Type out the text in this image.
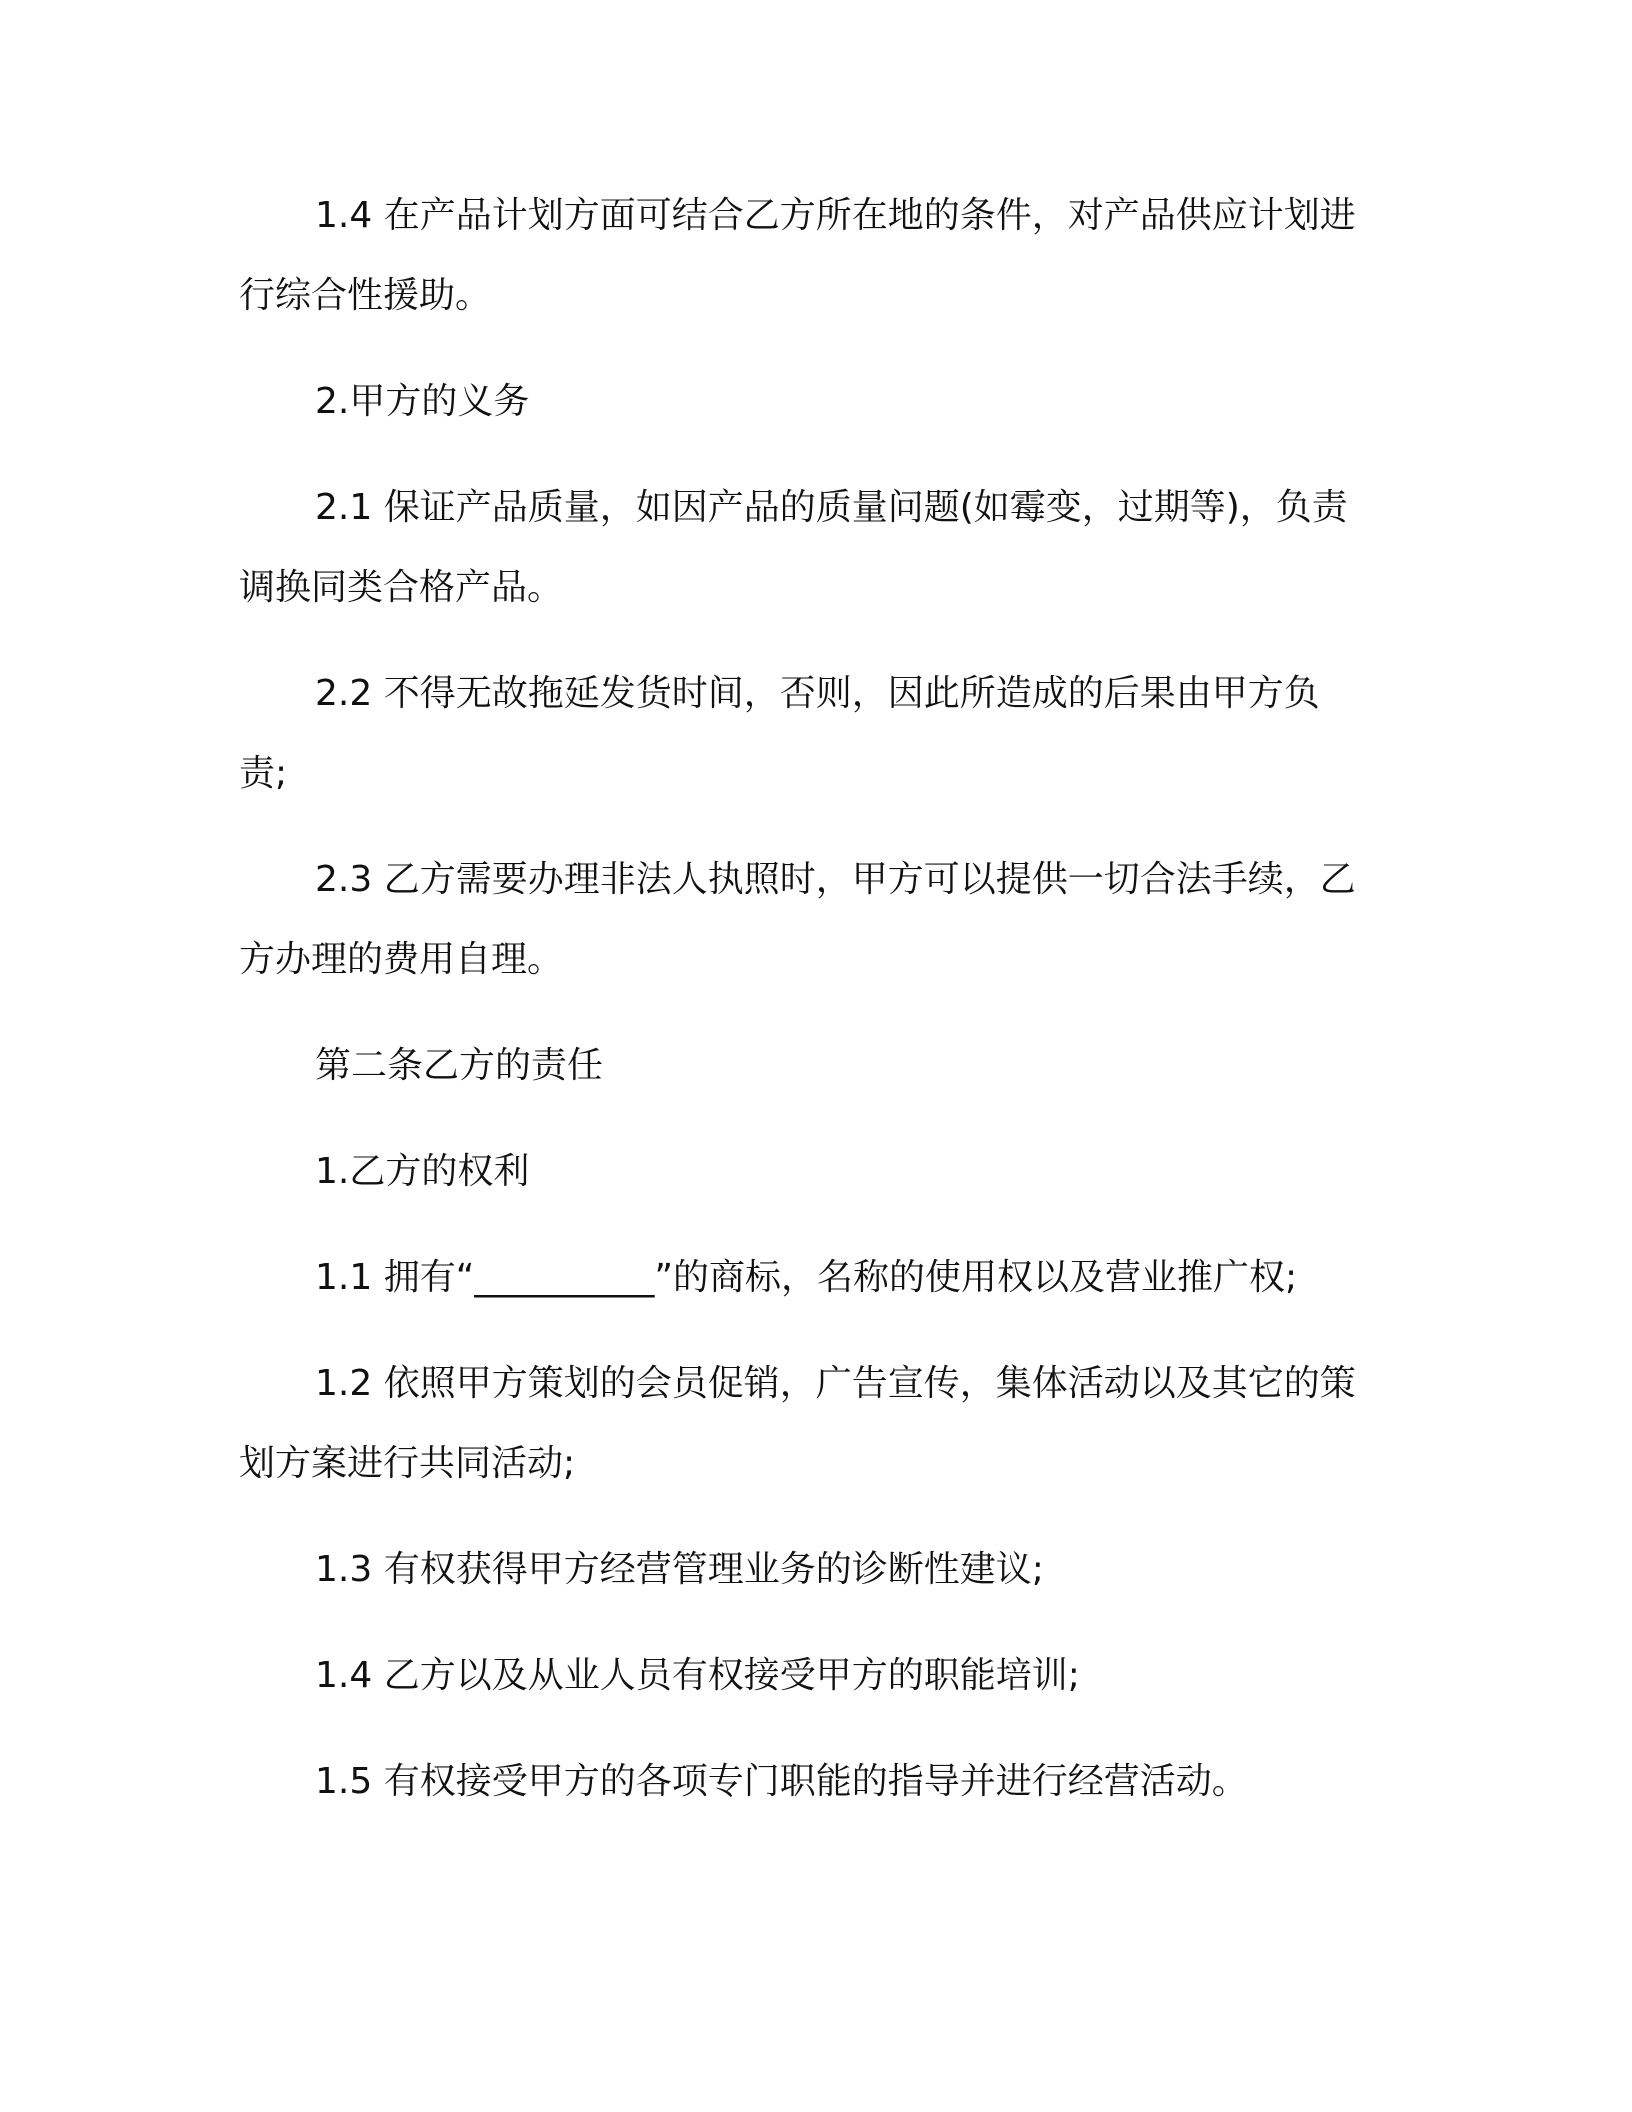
1.4 在产品计划方面可结合乙方所在地的条件，对产品供应计划进
行综合性援助。

2.甲方的义务

2.1 保证产品质量，如因产品的质量问题(如霉变，过期等)，负责
调换同类合格产品。

2.2 不得无故拖延发货时间，否则，因此所造成的后果由甲方负
责;

2.3 乙方需要办理非法人执照时，甲方可以提供一切合法手续，乙
方办理的费用自理。

第二条乙方的责任

1.乙方的权利

1.1 拥有“__________”的商标，名称的使用权以及营业推广权;

1.2 依照甲方策划的会员促销，广告宣传，集体活动以及其它的策
划方案进行共同活动;

1.3 有权获得甲方经营管理业务的诊断性建议;

1.4 乙方以及从业人员有权接受甲方的职能培训;

1.5 有权接受甲方的各项专门职能的指导并进行经营活动。
